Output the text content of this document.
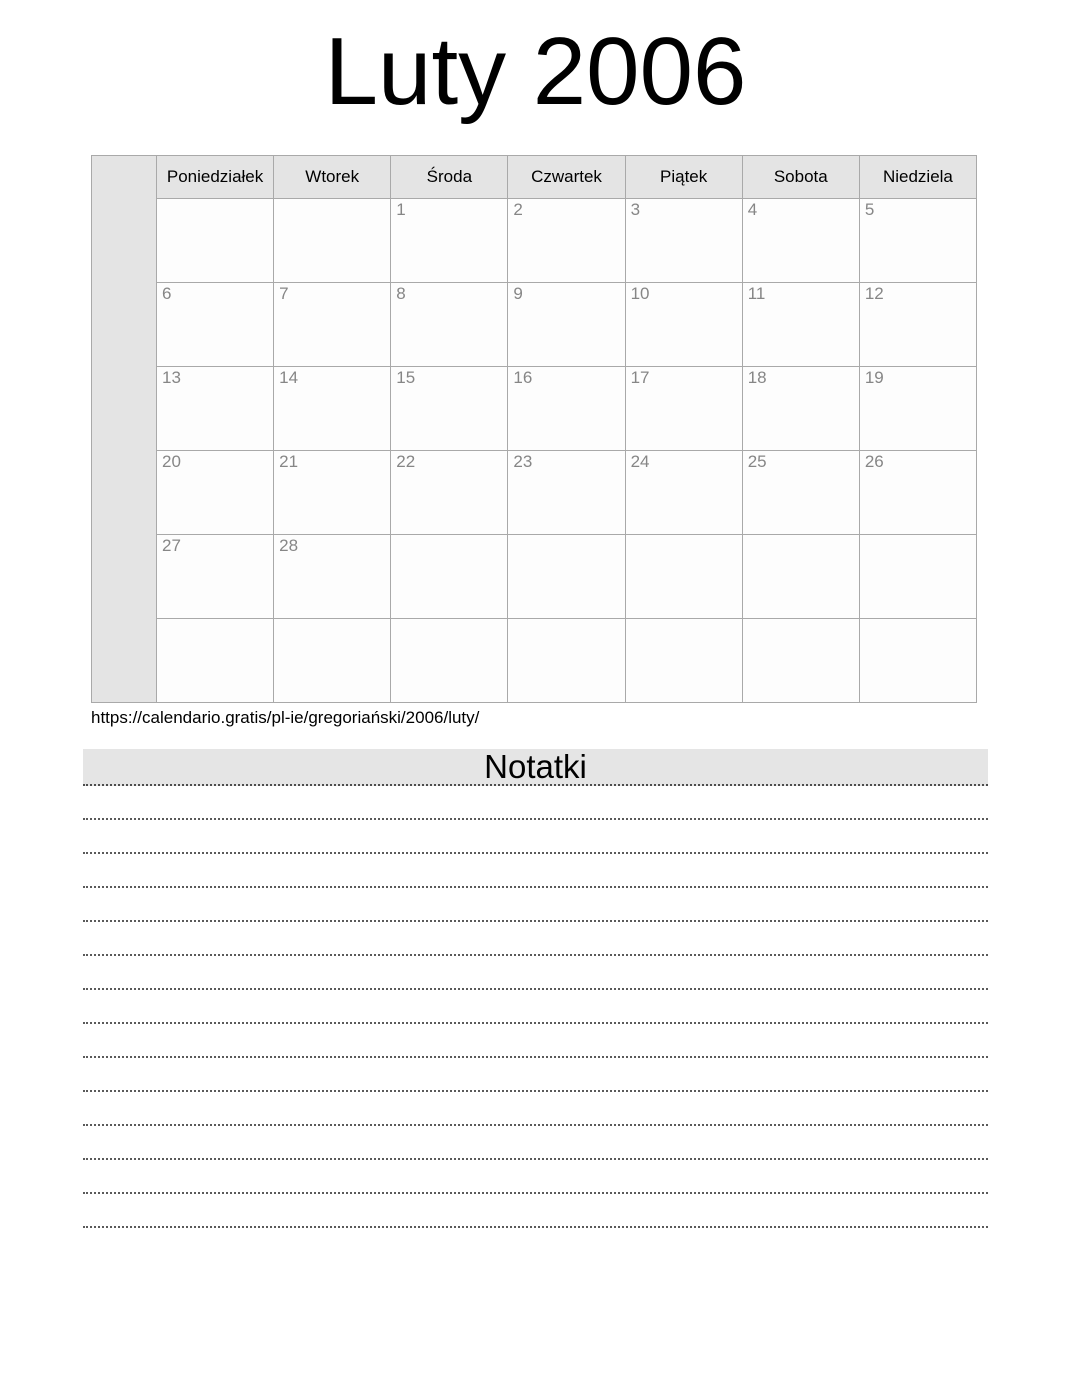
Luty 2006
	Poniedziałek	Wtorek	Środa	Czwartek	Piątek	Sobota	Niedziela
			1	2	3	4	5
	6	7	8	9	10	11	12
	13	14	15	16	17	18	19
	20	21	22	23	24	25	26
	27	28					

https://calendario.gratis/pl-ie/gregoriański/2006/luty/
Notatki
